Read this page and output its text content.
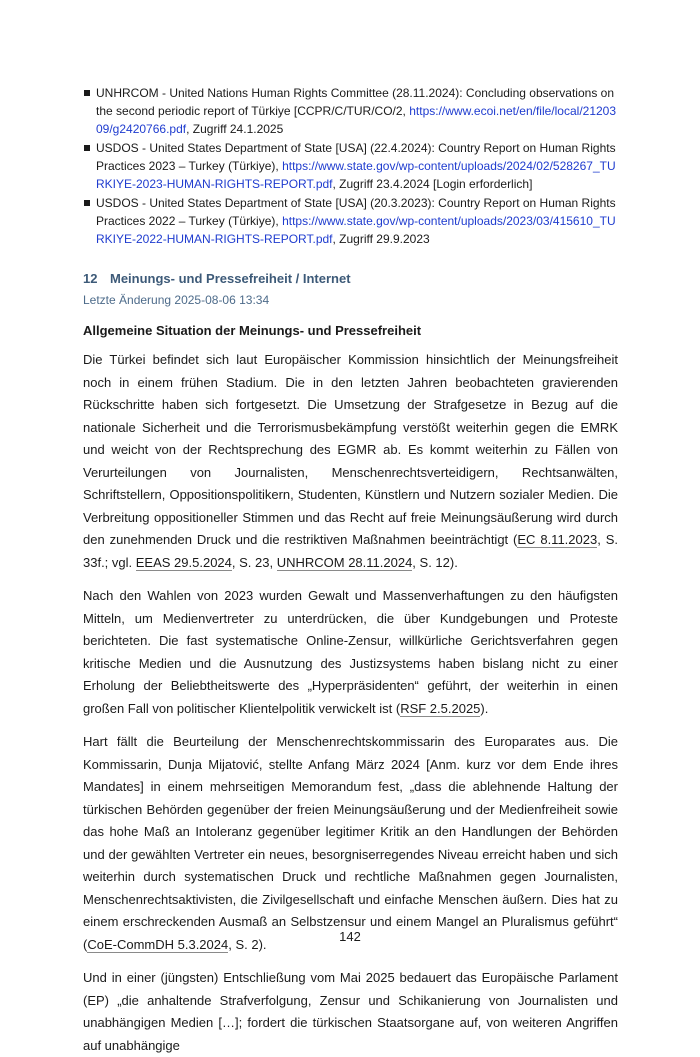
UNHRCOM - United Nations Human Rights Committee (28.11.2024): Concluding observations on the second periodic report of Türkiye [CCPR/C/TUR/CO/2, https://www.ecoi.net/en/file/local/2120309/g2420766.pdf, Zugriff 24.1.2025
USDOS - United States Department of State [USA] (22.4.2024): Country Report on Human Rights Practices 2023 – Turkey (Türkiye), https://www.state.gov/wp-content/uploads/2024/02/528267_TURKIYE-2023-HUMAN-RIGHTS-REPORT.pdf, Zugriff 23.4.2024 [Login erforderlich]
USDOS - United States Department of State [USA] (20.3.2023): Country Report on Human Rights Practices 2022 – Turkey (Türkiye), https://www.state.gov/wp-content/uploads/2023/03/415610_TURKIYE-2022-HUMAN-RIGHTS-REPORT.pdf, Zugriff 29.9.2023
12 Meinungs- und Pressefreiheit / Internet
Letzte Änderung 2025-08-06 13:34
Allgemeine Situation der Meinungs- und Pressefreiheit

Die Türkei befindet sich laut Europäischer Kommission hinsichtlich der Meinungsfreiheit noch in einem frühen Stadium. Die in den letzten Jahren beobachteten gravierenden Rückschritte haben sich fortgesetzt. Die Umsetzung der Strafgesetze in Bezug auf die nationale Sicherheit und die Terrorismusbekämpfung verstößt weiterhin gegen die EMRK und weicht von der Rechtsprechung des EGMR ab. Es kommt weiterhin zu Fällen von Verurteilungen von Journalisten, Menschenrechtsverteidigern, Rechtsanwälten, Schriftstellern, Oppositionspolitikern, Studenten, Künstlern und Nutzern sozialer Medien. Die Verbreitung oppositioneller Stimmen und das Recht auf freie Meinungsäußerung wird durch den zunehmenden Druck und die restriktiven Maßnahmen beeinträchtigt (EC 8.11.2023, S. 33f.; vgl. EEAS 29.5.2024, S. 23, UNHRCOM 28.11.2024, S. 12).

Nach den Wahlen von 2023 wurden Gewalt und Massenverhaftungen zu den häufigsten Mitteln, um Medienvertreter zu unterdrücken, die über Kundgebungen und Proteste berichteten. Die fast systematische Online-Zensur, willkürliche Gerichtsverfahren gegen kritische Medien und die Ausnutzung des Justizsystems haben bislang nicht zu einer Erholung der Beliebtheitswerte des „Hyperpräsidenten“ geführt, der weiterhin in einen großen Fall von politischer Klientelpolitik verwickelt ist (RSF 2.5.2025).

Hart fällt die Beurteilung der Menschenrechtskommissarin des Europarates aus. Die Kommissarin, Dunja Mijatović, stellte Anfang März 2024 [Anm. kurz vor dem Ende ihres Mandates] in einem mehrseitigen Memorandum fest, „dass die ablehnende Haltung der türkischen Behörden gegenüber der freien Meinungsäußerung und der Medienfreiheit sowie das hohe Maß an Intoleranz gegenüber legitimer Kritik an den Handlungen der Behörden und der gewählten Vertreter ein neues, besorgniserregendes Niveau erreicht haben und sich weiterhin durch systematischen Druck und rechtliche Maßnahmen gegen Journalisten, Menschenrechtsaktivisten, die Zivilgesellschaft und einfache Menschen äußern. Dies hat zu einem erschreckenden Ausmaß an Selbstzensur und einem Mangel an Pluralismus geführt“ (CoE-CommDH 5.3.2024, S. 2).

Und in einer (jüngsten) Entschließung vom Mai 2025 bedauert das Europäische Parlament (EP) „die anhaltende Strafverfolgung, Zensur und Schikanierung von Journalisten und unabhängigen Medien […]; fordert die türkischen Staatsorgane auf, von weiteren Angriffen auf unabhängige

142
